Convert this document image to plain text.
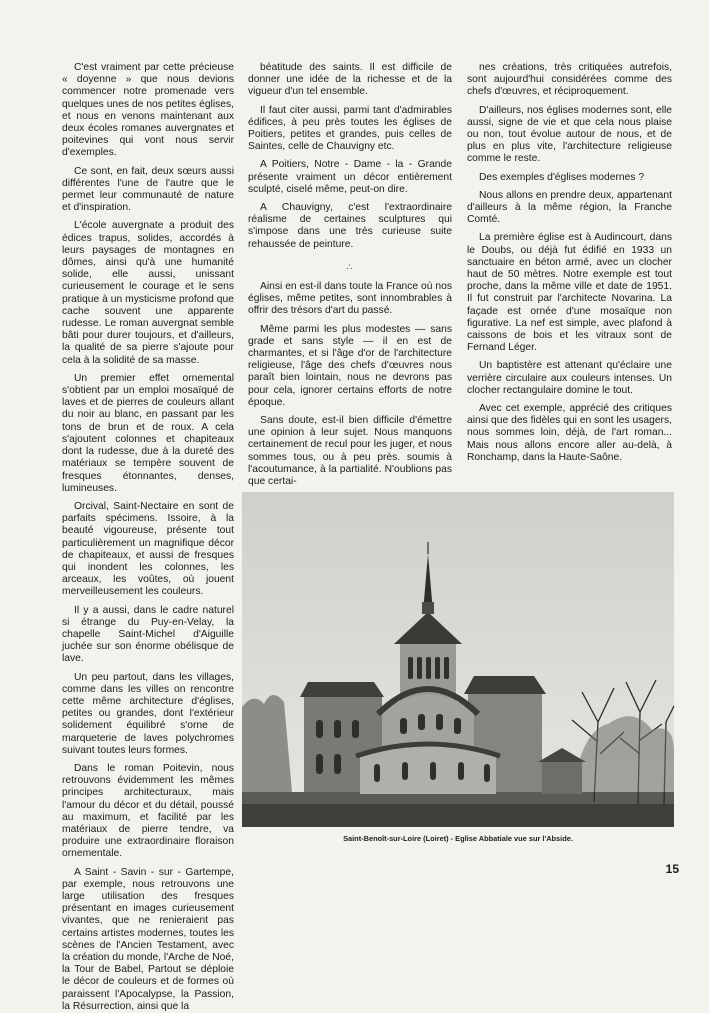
C'est vraiment par cette précieuse « doyenne » que nous devions commencer notre promenade vers quelques unes de nos petites églises, et nous en venons maintenant aux deux écoles romanes auvergnates et poitevines qui vont nous servir d'exemples.

Ce sont, en fait, deux sœurs aussi différentes l'une de l'autre que le permet leur communauté de nature et d'inspiration.

L'école auvergnate a produit des édices trapus, solides, accordés à leurs paysages de montagnes en dômes, ainsi qu'à une humanité solide, elle aussi, unissant curieusement le courage et le sens pratique à un mysticisme profond que cache souvent une apparente rudesse. Le roman auvergnat semble bâti pour durer toujours, et d'ailleurs, la qualité de sa pierre s'ajoute pour cela à la solidité de sa masse.

Un premier effet ornemental s'obtient par un emploi mosaïqué de laves et de pierres de couleurs allant du noir au blanc, en passant par les tons de brun et de roux. A cela s'ajoutent colonnes et chapiteaux dont la rudesse, due à la dureté des matériaux se tempère souvent de fresques étonnantes, denses, lumineuses.

Orcival, Saint-Nectaire en sont de parfaits spécimens. Issoire, à la beauté vigoureuse, présente tout particulièrement un magnifique décor de chapiteaux, et aussi de fresques qui inondent les colonnes, les arceaux, les voûtes, où jouent merveilleusement les couleurs.

Il y a aussi, dans le cadre naturel si étrange du Puy-en-Velay, la chapelle Saint-Michel d'Aiguille juchée sur son énorme obélisque de lave.

Un peu partout, dans les villages, comme dans les villes on rencontre cette même architecture d'églises, petites ou grandes, dont l'extérieur solidement équilibré s'orne de marqueterie de laves polychromes suivant toutes leurs formes.

Dans le roman Poitevin, nous retrouvons évidemment les mêmes principes architecturaux, mais l'amour du décor et du détail, poussé au maximum, et facilité par les matériaux de pierre tendre, va produire une extraordinaire floraison ornementale.

A Saint - Savin - sur - Gartempe, par exemple, nous retrouvons une large utilisation des fresques présentant en images curieusement vivantes, que ne renieraient pas certains artistes modernes, toutes les scènes de l'Ancien Testament, avec la création du monde, l'Arche de Noé, la Tour de Babel, Partout se déploie le décor de couleurs et de formes où paraissent l'Apocalypse, la Passion, la Résurrection, ainsi que la

béatitude des saints. Il est difficile de donner une idée de la richesse et de la vigueur d'un tel ensemble.

Il faut citer aussi, parmi tant d'admirables édifices, à peu près toutes les églises de Poitiers, petites et grandes, puis celles de Saintes, celle de Chauvigny etc.

A Poitiers, Notre - Dame - la - Grande présente vraiment un décor entièrement sculpté, ciselé même, peut-on dire.

A Chauvigny, c'est l'extraordinaire réalisme de certaines sculptures qui s'impose dans une très curieuse suite rehaussée de peinture.

∴

Ainsi en est-il dans toute la France où nos églises, même petites, sont innombrables à offrir des trésors d'art du passé.

Même parmi les plus modestes — sans grade et sans style — il en est de charmantes, et si l'âge d'or de l'architecture religieuse, l'âge des chefs d'œuvres nous paraît bien lointain, nous ne devrons pas pour cela, ignorer certains efforts de notre époque.

Sans doute, est-il bien difficile d'émettre une opinion à leur sujet. Nous manquons certainement de recul pour les juger, et nous sommes tous, ou à peu près. soumis à l'acoutumance, à la partialité. N'oublions pas que certai-

nes créations, très critiquées autrefois, sont aujourd'hui considérées comme des chefs d'œuvres, et réciproquement.

D'ailleurs, nos églises modernes sont, elle aussi, signe de vie et que cela nous plaise ou non, tout évolue autour de nous, et de plus en plus vite, l'architecture religieuse comme le reste.

Des exemples d'églises modernes ?

Nous allons en prendre deux, appartenant d'ailleurs à la même région, la Franche Comté.

La première église est à Audincourt, dans le Doubs, ou déjà fut édifié en 1933 un sanctuaire en béton armé, avec un clocher haut de 50 mètres. Notre exemple est tout proche, dans la même ville et date de 1951. Il fut construit par l'architecte Novarina. La façade est ornée d'une mosaïque non figurative. La nef est simple, avec plafond à caissons de bois et les vitraux sont de Fernand Léger.

Un baptistère est attenant qu'éclaire une verrière circulaire aux couleurs intenses. Un clocher rectangulaire domine le tout.

Avec cet exemple, apprécié des critiques ainsi que des fidèles qui en sont les usagers, nous sommes loin, déjà, de l'art roman... Mais nous allons encore aller au-delà, à Ronchamp, dans la Haute-Saône.

Saint-Benoît-sur-Loire (Loiret) - Eglise Abbatiale vue sur l'Abside.
15
